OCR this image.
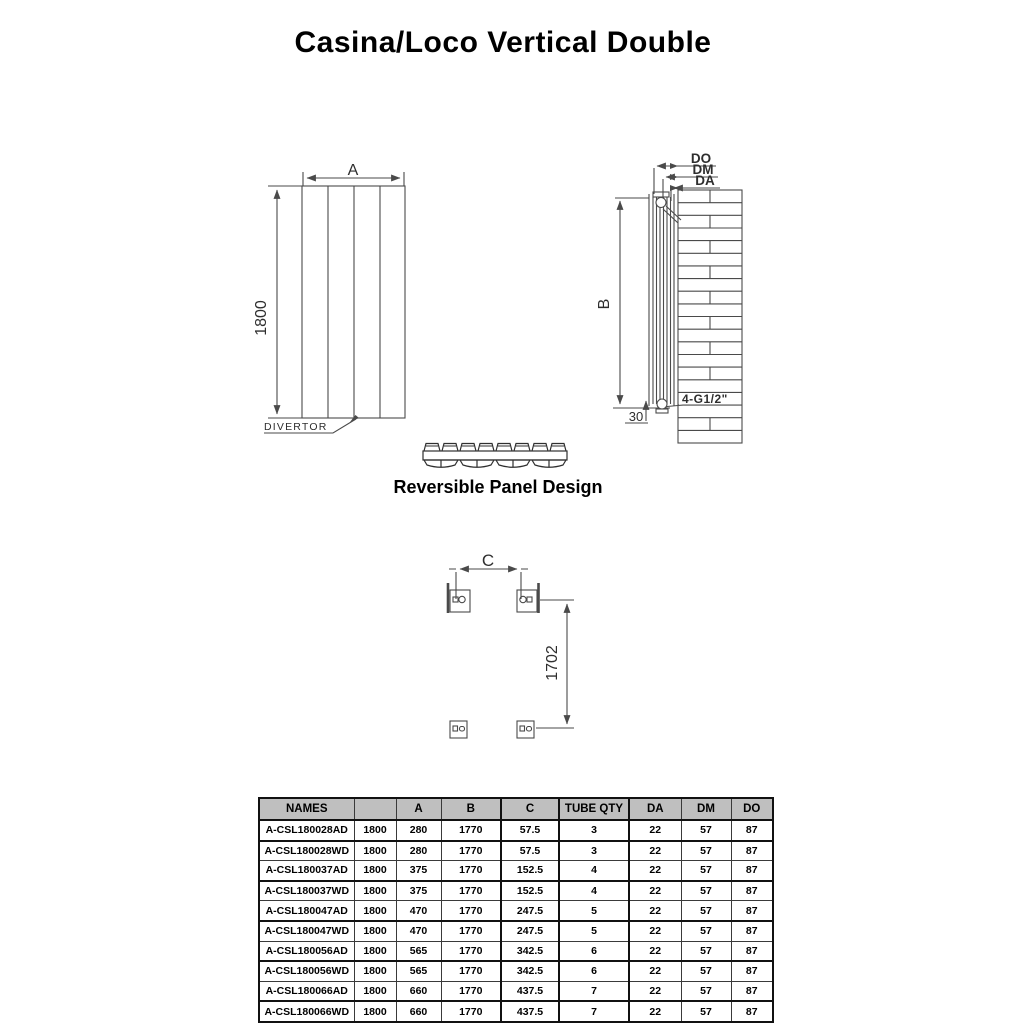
Casina/Loco Vertical Double
A
1800
DIVERTOR
DO
DM
DA
B
4-G1/2"
30
C
1702
Reversible Panel Design
NAMES		A	B	C	TUBE QTY	DA	DM	DO
A-CSL180028AD	1800	280	1770	57.5	3	22	57	87
A-CSL180028WD	1800	280	1770	57.5	3	22	57	87
A-CSL180037AD	1800	375	1770	152.5	4	22	57	87
A-CSL180037WD	1800	375	1770	152.5	4	22	57	87
A-CSL180047AD	1800	470	1770	247.5	5	22	57	87
A-CSL180047WD	1800	470	1770	247.5	5	22	57	87
A-CSL180056AD	1800	565	1770	342.5	6	22	57	87
A-CSL180056WD	1800	565	1770	342.5	6	22	57	87
A-CSL180066AD	1800	660	1770	437.5	7	22	57	87
A-CSL180066WD	1800	660	1770	437.5	7	22	57	87
